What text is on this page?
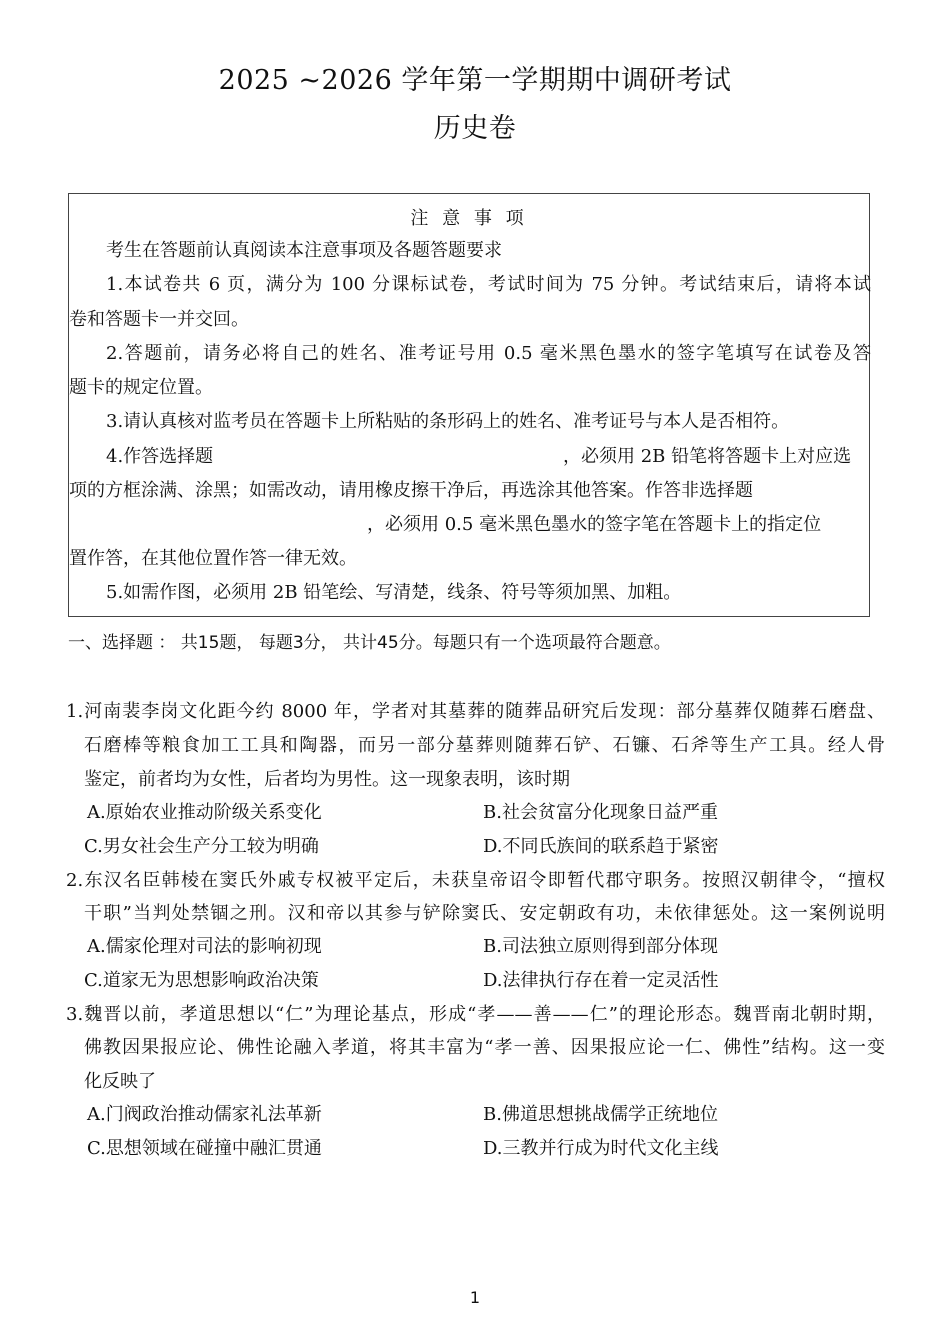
2025 ~2026 学年第一学期期中调研考试
历史卷
注 意 事 项
考生在答题前认真阅读本注意事项及各题答题要求
1.本试卷共 6 页，满分为 100 分课标试卷，考试时间为 75 分钟。考试结束后，请将本试
卷和答题卡一并交回。
2.答题前，请务必将自己的姓名、准考证号用 0.5 毫米黑色墨水的签字笔填写在试卷及答
题卡的规定位置。
3.请认真核对监考员在答题卡上所粘贴的条形码上的姓名、准考证号与本人是否相符。
4.作答选择题	，必须用 2B 铅笔将答题卡上对应选
项的方框涂满、涂黑；如需改动，请用橡皮擦干净后，再选涂其他答案。作答非选择题
，必须用 0.5 毫米黑色墨水的签字笔在答题卡上的指定位
置作答，在其他位置作答一律无效。
5.如需作图，必须用 2B 铅笔绘、写清楚，线条、符号等须加黑、加粗。
一、选择题 ： 共15题， 每题3分， 共计45分。每题只有一个选项最符合题意。
1.河南裴李岗文化距今约 8000 年，学者对其墓葬的随葬品研究后发现：部分墓葬仅随葬石磨盘、
石磨棒等粮食加工工具和陶器，而另一部分墓葬则随葬石铲、石镰、石斧等生产工具。经人骨
鉴定，前者均为女性，后者均为男性。这一现象表明，该时期
A.原始农业推动阶级关系变化	B.社会贫富分化现象日益严重
C.男女社会生产分工较为明确	D.不同氏族间的联系趋于紧密
2.东汉名臣韩棱在窦氏外戚专权被平定后，未获皇帝诏令即暂代郡守职务。按照汉朝律令，“擅权
干职”当判处禁锢之刑。汉和帝以其参与铲除窦氏、安定朝政有功，未依律惩处。这一案例说明
A.儒家伦理对司法的影响初现	B.司法独立原则得到部分体现
C.道家无为思想影响政治决策	D.法律执行存在着一定灵活性
3.魏晋以前，孝道思想以“仁”为理论基点，形成“孝——善——仁”的理论形态。魏晋南北朝时期，
佛教因果报应论、佛性论融入孝道，将其丰富为“孝一善、因果报应论一仁、佛性”结构。这一变
化反映了
A.门阀政治推动儒家礼法革新	B.佛道思想挑战儒学正统地位
C.思想领域在碰撞中融汇贯通	D.三教并行成为时代文化主线
1
